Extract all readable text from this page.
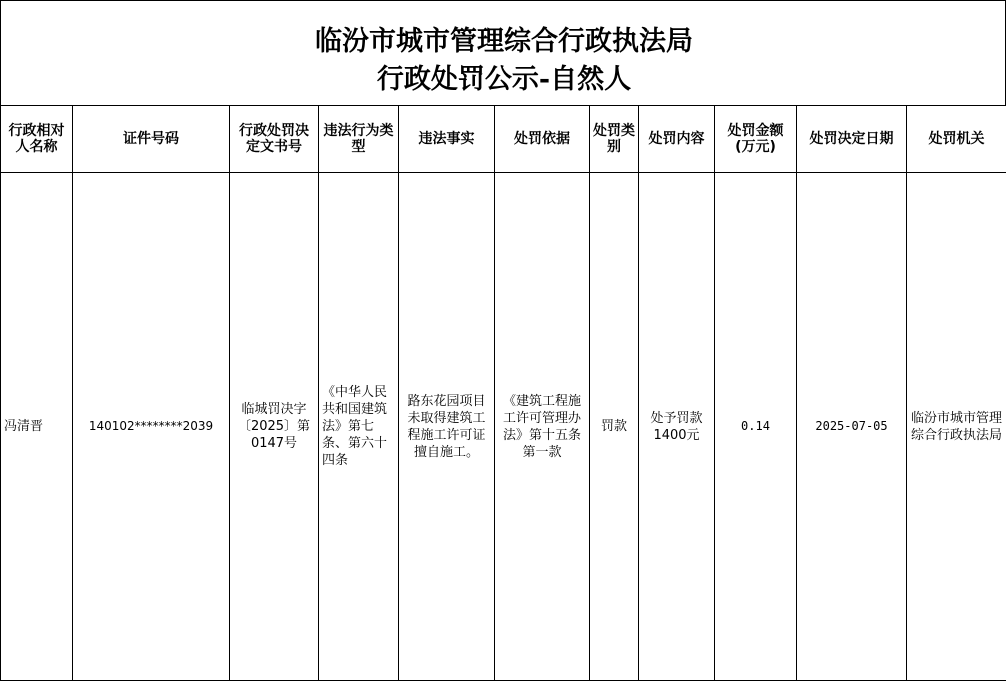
临汾市城市管理综合行政执法局
行政处罚公示-自然人
行政相对人名称	证件号码	行政处罚决定文书号	违法行为类型	违法事实	处罚依据	处罚类别	处罚内容	处罚金额(万元)	处罚决定日期	处罚机关
冯清晋	140102********2039	临城罚决字〔2025〕第0147号	《中华人民共和国建筑法》第七条、第六十四条	路东花园项目未取得建筑工程施工许可证擅自施工。	《建筑工程施工许可管理办法》第十五条第一款	罚款	处予罚款1400元	0.14	2025-07-05	临汾市城市管理综合行政执法局
